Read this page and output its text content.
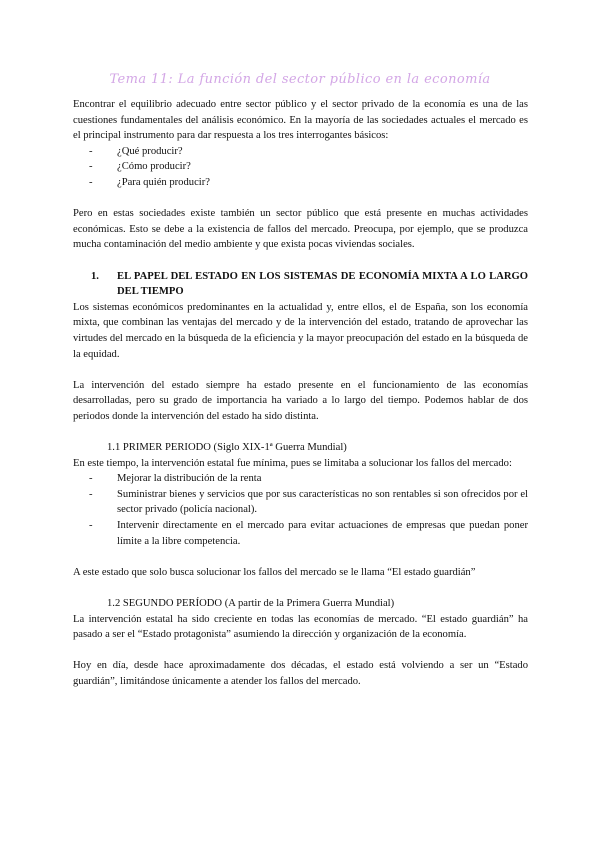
Tema 11: La función del sector público en la economía

Encontrar el equilibrio adecuado entre sector público y el sector privado de la economía es una de las cuestiones fundamentales del análisis económico. En la mayoría de las sociedades actuales el mercado es el principal instrumento para dar respuesta a los tres interrogantes básicos:

- ¿Qué producir?
- ¿Cómo producir?
- ¿Para quién producir?

Pero en estas sociedades existe también un sector público que está presente en muchas actividades económicas. Esto se debe a la existencia de fallos del mercado. Preocupa, por ejemplo, que se produzca mucha contaminación del medio ambiente y que exista pocas viviendas sociales.

1.	EL PAPEL DEL ESTADO EN LOS SISTEMAS DE ECONOMÍA MIXTA A LO LARGO DEL TIEMPO

Los sistemas económicos predominantes en la actualidad y, entre ellos, el de España, son los economía mixta, que combinan las ventajas del mercado y de la intervención del estado, tratando de aprovechar las virtudes del mercado en la búsqueda de la eficiencia y la mayor preocupación del estado en la búsqueda de la equidad.

La intervención del estado siempre ha estado presente en el funcionamiento de las economías desarrolladas, pero su grado de importancia ha variado a lo largo del tiempo. Podemos hablar de dos periodos donde la intervención del estado ha sido distinta.

1.1 PRIMER PERIODO (Siglo XIX-1ª Guerra Mundial)

En este tiempo, la intervención estatal fue mínima, pues se limitaba a solucionar los fallos del mercado:

- Mejorar la distribución de la renta
- Suministrar bienes y servicios que por sus características no son rentables si son ofrecidos por el sector privado (policía nacional).
- Intervenir directamente en el mercado para evitar actuaciones de empresas que puedan poner límite a la libre competencia.

A este estado que solo busca solucionar los fallos del mercado se le llama “El estado guardián”

1.2 SEGUNDO PERÍODO (A partir de la Primera Guerra Mundial)

La intervención estatal ha sido creciente en todas las economías de mercado. “El estado guardián” ha pasado a ser el “Estado protagonista” asumiendo la dirección y organización de la economía.

Hoy en día, desde hace aproximadamente dos décadas, el estado está volviendo a ser un “Estado guardián”, limitándose únicamente a atender los fallos del mercado.
